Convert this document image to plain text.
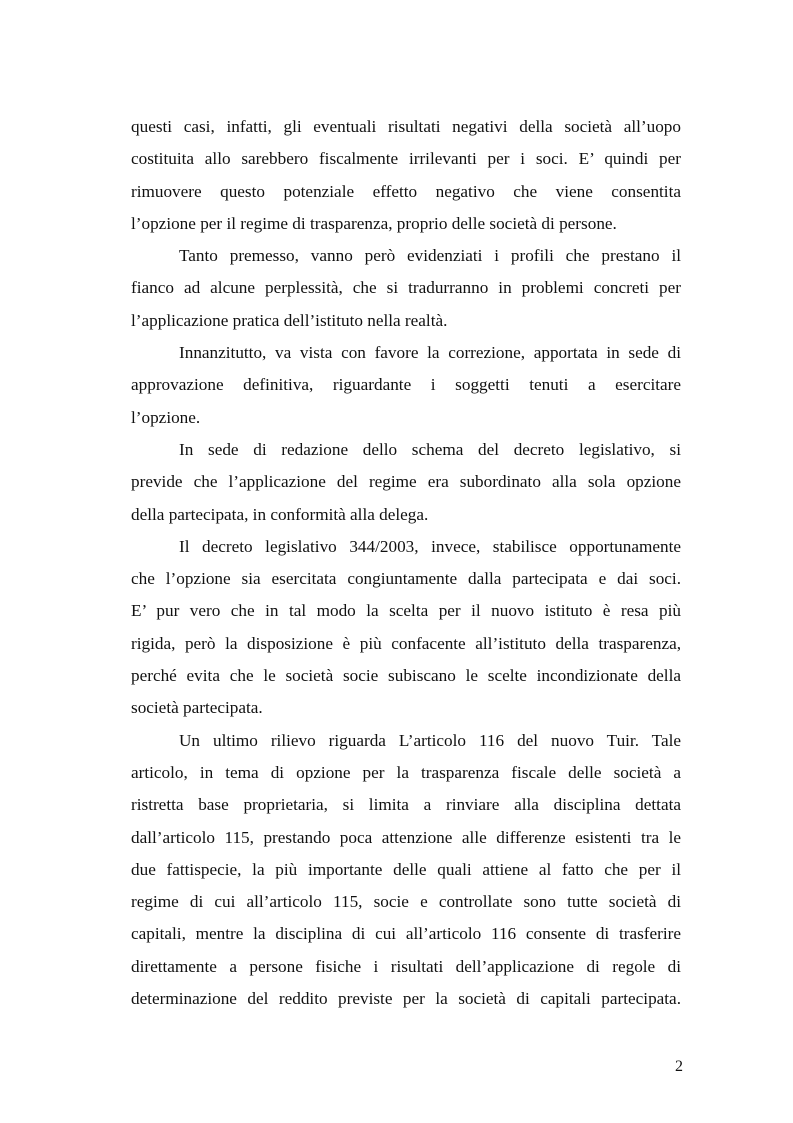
questi casi, infatti, gli eventuali risultati negativi della società all’uopo
costituita allo sarebbero fiscalmente irrilevanti per i soci. E’ quindi per
rimuovere questo potenziale effetto negativo che viene consentita
l’opzione per il regime di trasparenza, proprio delle società di persone.

Tanto premesso, vanno però evidenziati i profili che prestano il
fianco ad alcune perplessità, che si tradurranno in problemi concreti per
l’applicazione pratica dell’istituto nella realtà.

Innanzitutto, va vista con favore la correzione, apportata in sede di
approvazione definitiva, riguardante i soggetti tenuti a esercitare
l’opzione.

In sede di redazione dello schema del decreto legislativo, si
previde che l’applicazione del regime era subordinato alla sola opzione
della partecipata, in conformità alla delega.

Il decreto legislativo 344/2003, invece, stabilisce opportunamente
che l’opzione sia esercitata congiuntamente dalla partecipata e dai soci.
E’ pur vero che in tal modo la scelta per il nuovo istituto è resa più
rigida, però la disposizione è più confacente all’istituto della trasparenza,
perché evita che le società socie subiscano le scelte incondizionate della
società partecipata.

Un ultimo rilievo riguarda L’articolo 116 del nuovo Tuir. Tale
articolo, in tema di opzione per la trasparenza fiscale delle società a
ristretta base proprietaria, si limita a rinviare alla disciplina dettata
dall’articolo 115, prestando poca attenzione alle differenze esistenti tra le
due fattispecie, la più importante delle quali attiene al fatto che per il
regime di cui all’articolo 115, socie e controllate sono tutte società di
capitali, mentre la disciplina di cui all’articolo 116 consente di trasferire
direttamente a persone fisiche i risultati dell’applicazione di regole di
determinazione del reddito previste per la società di capitali partecipata.

2
